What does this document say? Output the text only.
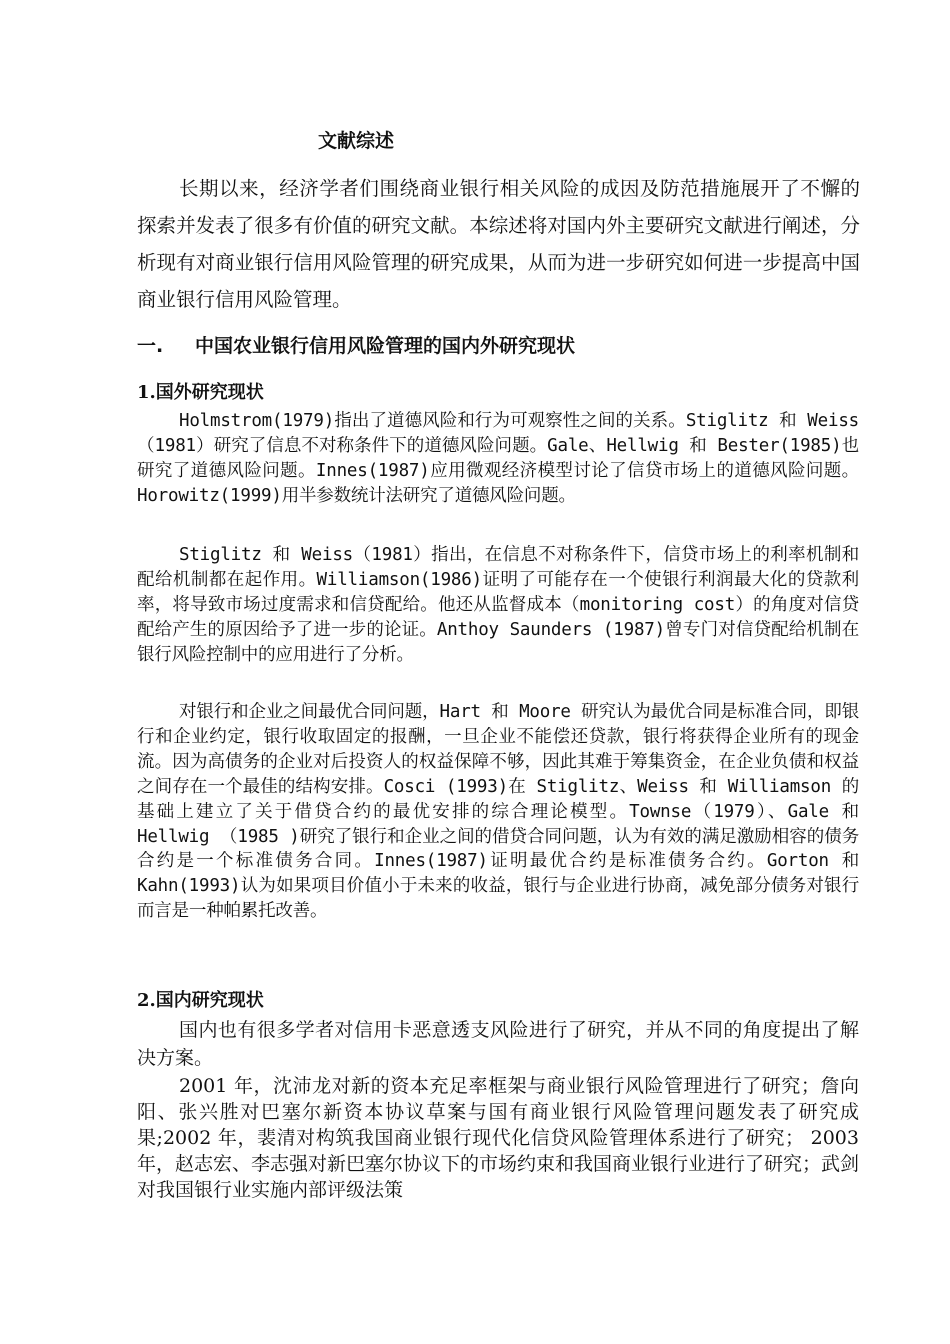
文献综述

长期以来，经济学者们围绕商业银行相关风险的成因及防范措施展开了不懈的探索并发表了很多有价值的研究文献。本综述将对国内外主要研究文献进行阐述，分析现有对商业银行信用风险管理的研究成果，从而为进一步研究如何进一步提高中国商业银行信用风险管理。

一. 中国农业银行信用风险管理的国内外研究现状
1.国外研究现状

Holmstrom(1979)指出了道德风险和行为可观察性之间的关系。Stiglitz 和 Weiss（1981）研究了信息不对称条件下的道德风险问题。Gale、Hellwig 和 Bester(1985)也研究了道德风险问题。Innes(1987)应用微观经济模型讨论了信贷市场上的道德风险问题。Horowitz(1999)用半参数统计法研究了道德风险问题。

Stiglitz 和 Weiss（1981）指出，在信息不对称条件下，信贷市场上的利率机制和配给机制都在起作用。Williamson(1986)证明了可能存在一个使银行利润最大化的贷款利率，将导致市场过度需求和信贷配给。他还从监督成本（monitoring cost）的角度对信贷配给产生的原因给予了进一步的论证。Anthoy Saunders (1987)曾专门对信贷配给机制在银行风险控制中的应用进行了分析。

对银行和企业之间最优合同问题，Hart 和 Moore 研究认为最优合同是标准合同，即银行和企业约定，银行收取固定的报酬，一旦企业不能偿还贷款，银行将获得企业所有的现金流。因为高债务的企业对后投资人的权益保障不够，因此其难于筹集资金，在企业负债和权益之间存在一个最佳的结构安排。Cosci (1993)在 Stiglitz、Weiss 和 Williamson 的基础上建立了关于借贷合约的最优安排的综合理论模型。Townse（1979）、Gale 和 Hellwig （1985 )研究了银行和企业之间的借贷合同问题，认为有效的满足激励相容的债务合约是一个标准债务合同。Innes(1987)证明最优合约是标准债务合约。Gorton 和 Kahn(1993)认为如果项目价值小于未来的收益，银行与企业进行协商，减免部分债务对银行而言是一种帕累托改善。

2.国内研究现状

国内也有很多学者对信用卡恶意透支风险进行了研究，并从不同的角度提出了解决方案。

2001 年，沈沛龙对新的资本充足率框架与商业银行风险管理进行了研究；詹向阳、张兴胜对巴塞尔新资本协议草案与国有商业银行风险管理问题发表了研究成果;2002 年，裴清对构筑我国商业银行现代化信贷风险管理体系进行了研究； 2003 年，赵志宏、李志强对新巴塞尔协议下的市场约束和我国商业银行业进行了研究；武剑对我国银行业实施内部评级法策
